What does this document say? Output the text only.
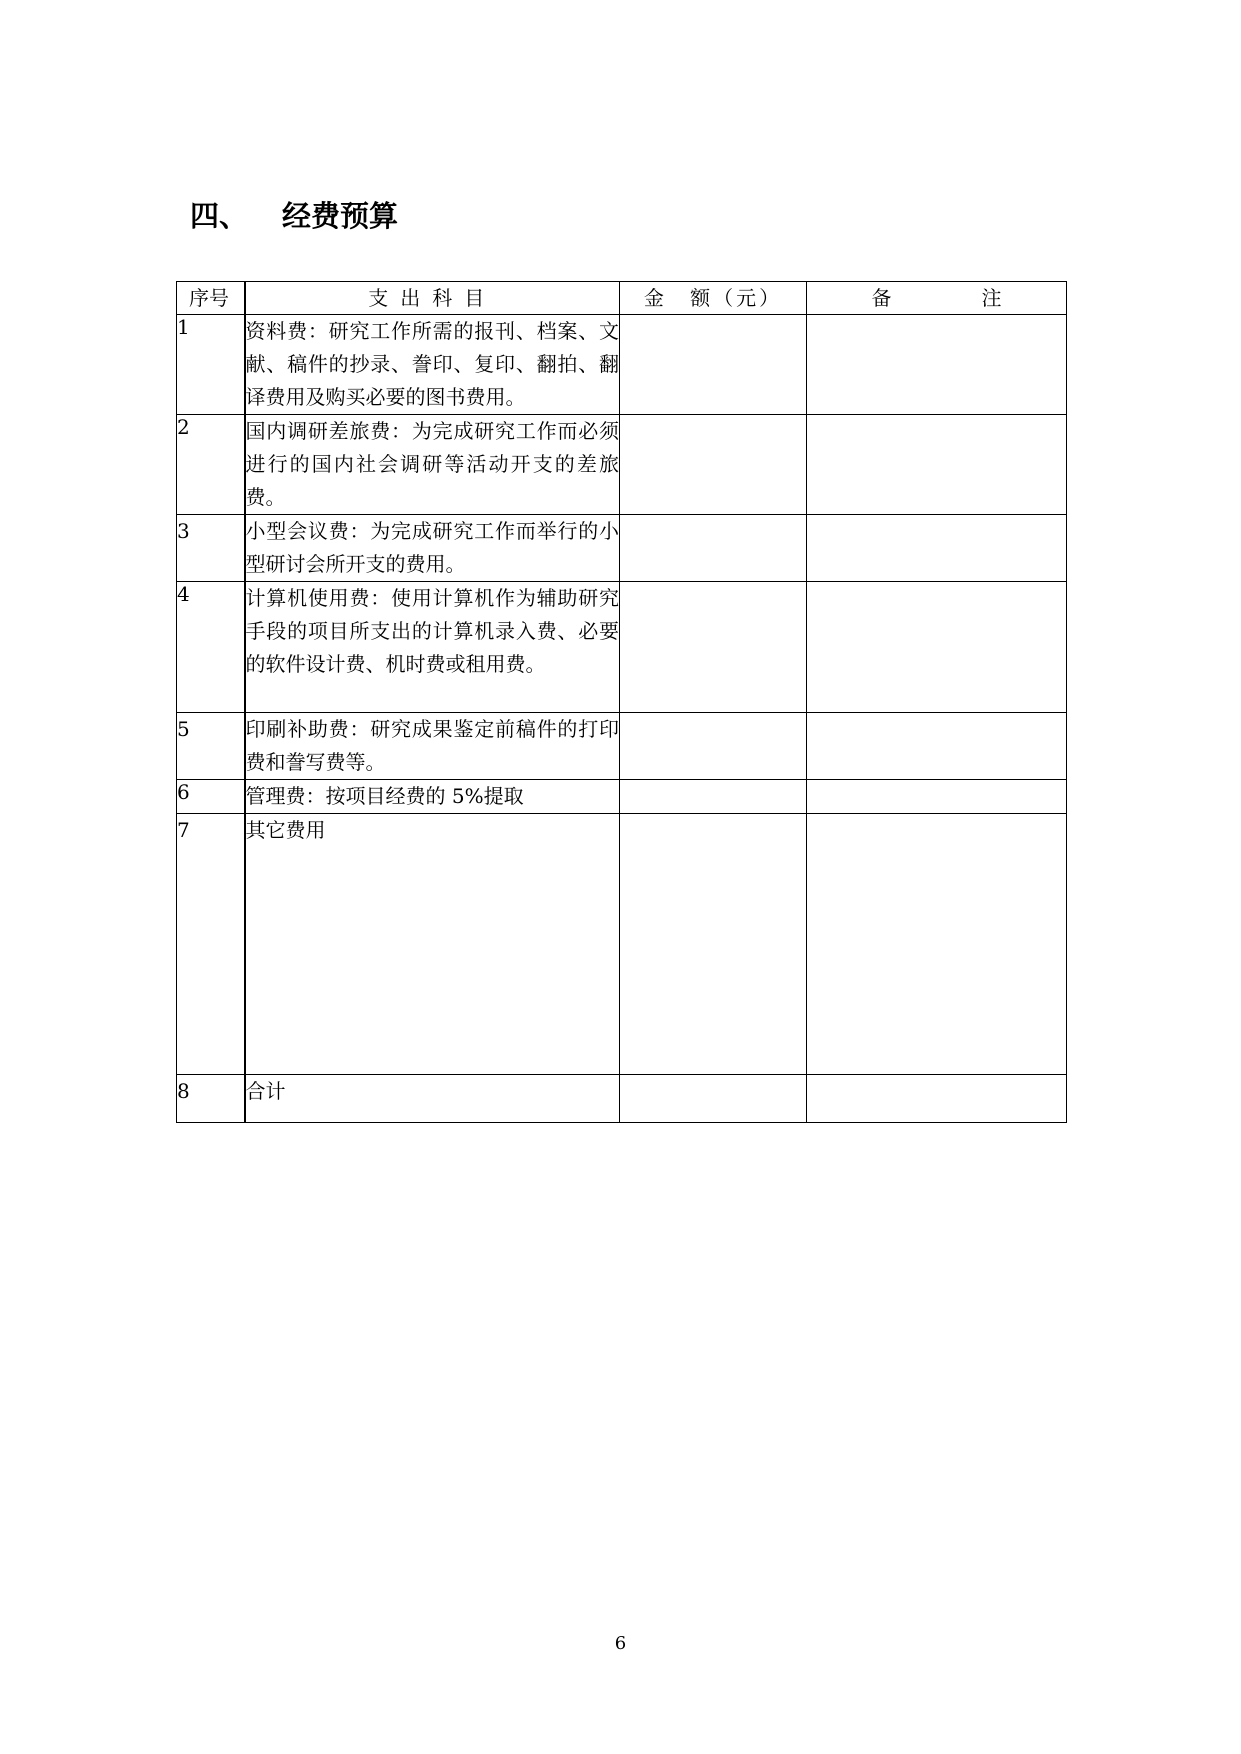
四、 经费预算
序号	支出科目	金 额（元）	备 注
1	资料费：研究工作所需的报刊、档案、文献、稿件的抄录、誊印、复印、翻拍、翻译费用及购买必要的图书费用。		
2	国内调研差旅费：为完成研究工作而必须进行的国内社会调研等活动开支的差旅费。		
3	小型会议费：为完成研究工作而举行的小型研讨会所开支的费用。		
4	计算机使用费：使用计算机作为辅助研究手段的项目所支出的计算机录入费、必要的软件设计费、机时费或租用费。		
5	印刷补助费：研究成果鉴定前稿件的打印费和誊写费等。		
6	管理费：按项目经费的 5%提取		
7	其它费用		
8	合计		
6
